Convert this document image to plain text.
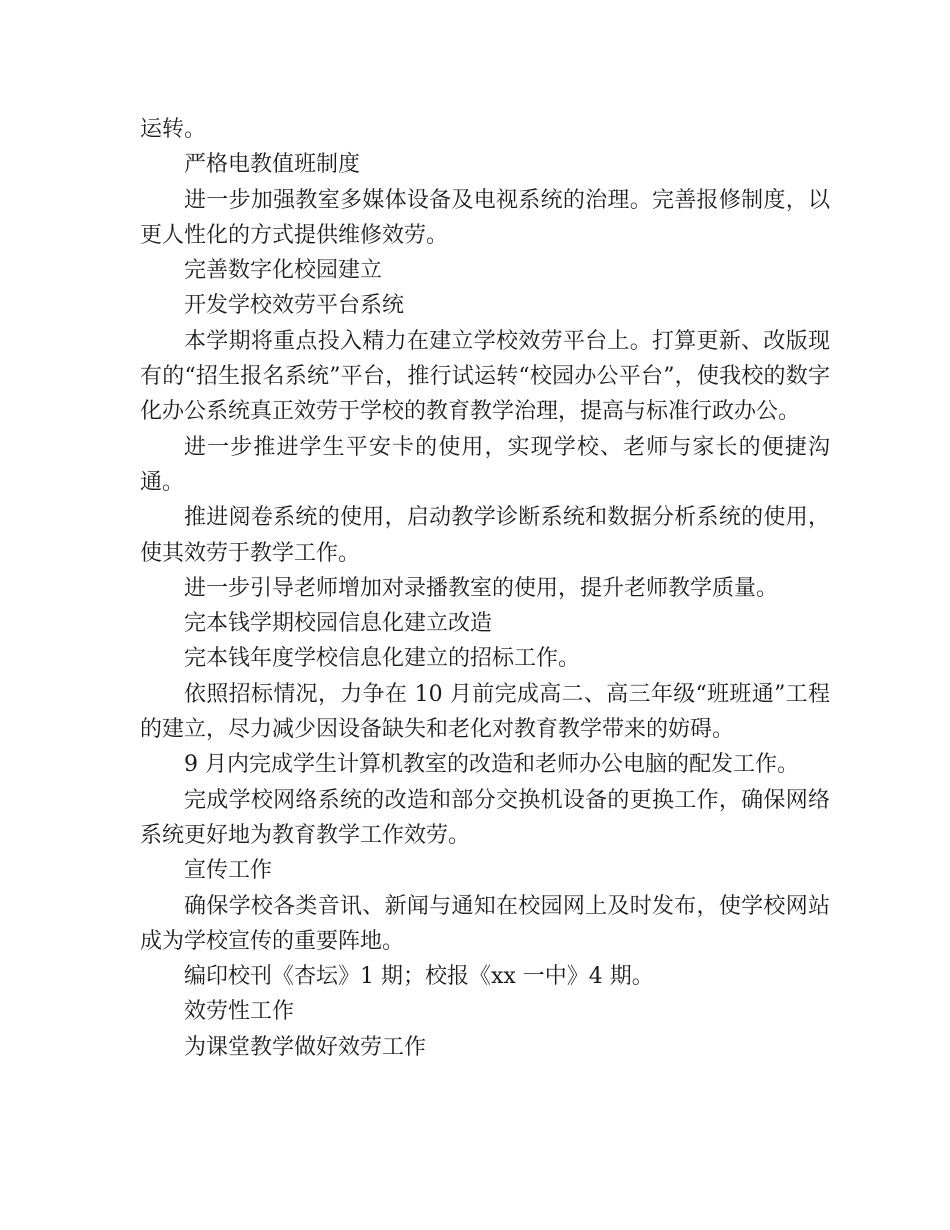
运转。

严格电教值班制度

进一步加强教室多媒体设备及电视系统的治理。完善报修制度，以更人性化的方式提供维修效劳。

完善数字化校园建立

开发学校效劳平台系统

本学期将重点投入精力在建立学校效劳平台上。打算更新、改版现有的“招生报名系统”平台，推行试运转“校园办公平台”，使我校的数字化办公系统真正效劳于学校的教育教学治理，提高与标准行政办公。

进一步推进学生平安卡的使用，实现学校、老师与家长的便捷沟通。

推进阅卷系统的使用，启动教学诊断系统和数据分析系统的使用，使其效劳于教学工作。

进一步引导老师增加对录播教室的使用，提升老师教学质量。

完本钱学期校园信息化建立改造

完本钱年度学校信息化建立的招标工作。

依照招标情况，力争在 10 月前完成高二、高三年级“班班通”工程的建立，尽力减少因设备缺失和老化对教育教学带来的妨碍。

9 月内完成学生计算机教室的改造和老师办公电脑的配发工作。

完成学校网络系统的改造和部分交换机设备的更换工作，确保网络系统更好地为教育教学工作效劳。

宣传工作

确保学校各类音讯、新闻与通知在校园网上及时发布，使学校网站成为学校宣传的重要阵地。

编印校刊《杏坛》1 期；校报《xx 一中》4 期。

效劳性工作

为课堂教学做好效劳工作
